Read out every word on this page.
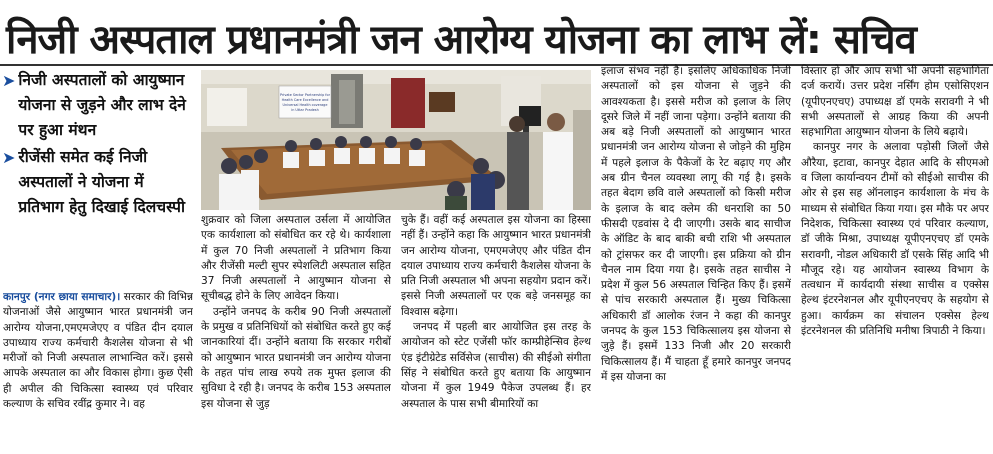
निजी अस्पताल प्रधानमंत्री जन आरोग्य योजना का लाभ लें: सचिव
➤ निजी अस्पतालों को आयुष्मान योजना से जुड़ने और लाभ देने पर हुआ मंथन
➤ रीजेंसी समेत कई निजी अस्पतालों ने योजना में प्रतिभाग हेतु दिखाई दिलचस्पी
Private Sector Partnership for
Health Care Excellence and
Universal Health coverage
in Uttar Pradesh

कानपुर (नगर छाया समाचार)। सरकार की विभिन्न योजनाओं जैसे आयुष्मान भारत प्रधानमंत्री जन आरोग्य योजना,एमएमजेएए व पंडित दीन दयाल उपाध्याय राज्य कर्मचारी कैशलेस योजना से भी मरीजों को निजी अस्पताल लाभान्वित करें। इससे आपके अस्पताल का और विकास होगा। कुछ ऐसी ही अपील की चिकित्सा स्वास्थ्य एवं परिवार कल्याण के सचिव रवींद्र कुमार ने। वह

शुक्रवार को जिला अस्पताल उर्सला में आयोजित एक कार्यशाला को संबोधित कर रहे थे। कार्यशाला में कुल 70 निजी अस्पतालों ने प्रतिभाग किया और रीजेंसी मल्टी सुपर स्पेशलिटी अस्पताल सहित 37 निजी अस्पतालों ने आयुष्मान योजना से सूचीबद्ध होने के लिए आवेदन किया।

उन्होंने जनपद के करीब 90 निजी अस्पतालों के प्रमुख व प्रतिनिधियों को संबोधित करते हुए कई जानकारियां दीं। उन्होंने बताया कि सरकार गरीबों को आयुष्मान भारत प्रधानमंत्री जन आरोग्य योजना के तहत पांच लाख रुपये तक मुफ्त इलाज की सुविधा दे रही है। जनपद के करीब 153 अस्पताल इस योजना से जुड़

चुके हैं। वहीं कई अस्पताल इस योजना का हिस्सा नहीं हैं। उन्होंने कहा कि आयुष्मान भारत प्रधानमंत्री जन आरोग्य योजना, एमएमजेएए और पंडित दीन दयाल उपाध्याय राज्य कर्मचारी कैशलेस योजना के प्रति निजी अस्पताल भी अपना सहयोग प्रदान करें। इससे निजी अस्पतालों पर एक बड़े जनसमूह का विश्वास बढ़ेगा।

जनपद में पहली बार आयोजित इस तरह के आयोजन को स्टेट एजेंसी फॉर काम्प्रीहेन्सिव हेल्थ एंड इंटीग्रेटेड सर्विसेज (साचीस) की सीईओ संगीता सिंह ने संबोधित करते हुए बताया कि आयुष्मान योजना में कुल 1949 पैकेज उपलब्ध हैं। हर अस्पताल के पास सभी बीमारियों का

इलाज संभव नहीं है। इसलिए अधिकाधिक निजी अस्पतालों को इस योजना से जुड़ने की आवश्यकता है। इससे मरीज को इलाज के लिए दूसरे जिले में नहीं जाना पड़ेगा। उन्होंने बताया की अब बड़े निजी अस्पतालों को आयुष्मान भारत प्रधानमंत्री जन आरोग्य योजना से जोड़ने की मुहिम में पहले इलाज के पैकेजों के रेट बढ़ाए गए और अब ग्रीन चैनल व्यवस्था लागू की गई है। इसके तहत बेदाग छवि वाले अस्पतालों को किसी मरीज के इलाज के बाद क्लेम की धनराशि का 50 फीसदी एडवांस दे दी जाएगी। उसके बाद साचीज के ऑडिट के बाद बाकी बची राशि भी अस्पताल को ट्रांसफर कर दी जाएगी। इस प्रक्रिया को ग्रीन चैनल नाम दिया गया है। इसके तहत साचीस ने प्रदेश में कुल 56 अस्पताल चिन्हित किए हैं। इसमें से पांच सरकारी अस्पताल हैं। मुख्य चिकित्सा अधिकारी डॉ आलोक रंजन ने कहा की कानपुर जनपद के कुल 153 चिकित्सालय इस योजना से जुड़े हैं। इसमें 133 निजी और 20 सरकारी चिकित्सालय हैं। मैं चाहता हूँ हमारे कानपुर जनपद में इस योजना का

विस्तार हो और आप सभी भी अपनी सहभागिता दर्ज करायें। उत्तर प्रदेश नर्सिंग होम एसोसिएशन (यूपीएनएचए) उपाध्यक्ष डॉ एमके सरावगी ने भी सभी अस्पतालों से आग्रह किया की अपनी सहभागिता आयुष्मान योजना के लिये बढ़ाये।

कानपुर नगर के अलावा पड़ोसी जिलों जैसे औरैया, इटावा, कानपुर देहात आदि के सीएमओ व जिला कार्यान्वयन टीमों को सीईओ साचीस की ओर से इस सह ऑनलाइन कार्यशाला के मंच के माध्यम से संबोधित किया गया। इस मौके पर अपर निदेशक, चिकित्सा स्वास्थ्य एवं परिवार कल्याण, डॉ जीके मिश्रा, उपाध्यक्ष यूपीएनएचए डॉ एमके सरावगी, नोडल अधिकारी डॉ एसके सिंह आदि भी मौजूद रहे। यह आयोजन स्वास्थ्य विभाग के तत्वधान में कार्यदायी संस्था साचीस व एक्सेस हेल्थ इंटरनेशनल और यूपीएनएचए के सहयोग से हुआ। कार्यक्रम का संचालन एक्सेस हेल्थ इंटरनेशनल की प्रतिनिधि मनीषा त्रिपाठी ने किया।
